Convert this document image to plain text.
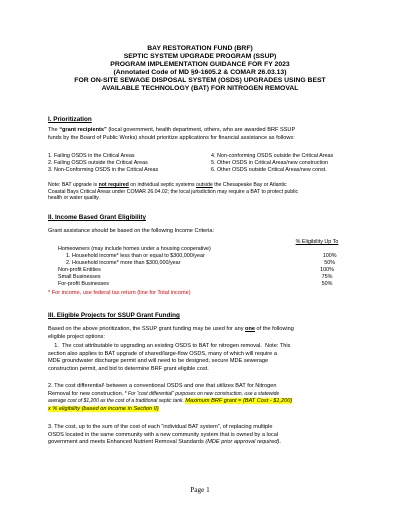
BAY RESTORATION FUND (BRF)
SEPTIC SYSTEM UPGRADE PROGRAM (SSUP)
PROGRAM IMPLEMENTATION GUIDANCE FOR FY 2023
(Annotated Code of MD §9-1605.2 & COMAR 26.03.13)
FOR ON-SITE SEWAGE DISPOSAL SYSTEM (OSDS) UPGRADES USING BEST
AVAILABLE TECHNOLOGY (BAT) FOR NITROGEN REMOVAL
I. Prioritization
The “grant recipients” (local government, health department, others, who are awarded BRF SSUP
funds by the Board of Public Works) should prioritize applications for financial assistance as follows:
1. Failing OSDS in the Critical Areas	4. Non-conforming OSDS outside the Critical Areas
2. Failing OSDS outside the Critical Areas	5. Other OSDS in Critical Areas/new construction
3. Non-Conforming OSDS in the Critical Areas	6. Other OSDS outside Critical Areas/new const.
Note: BAT upgrade is not required on individual septic systems outside the Chesapeake Bay or Atlantic
Coastal Bays Critical Areas under COMAR 26.04.02; the local jurisdiction may require a BAT to protect public
health or water quality.
II. Income Based Grant Eligibility
Grant assistance should be based on the following Income Criteria:
% Eligibility Up To
Homeowners (may include homes under a housing cooperative)
1. Household income* less than or equal to $300,000/year	100%
2. Household income* more than $300,000/year	50%
Non-profit Entities	100%
Small Businesses	75%
For-profit Businesses	50%
* For income, use federal tax return (line for Total income)
III. Eligible Projects for SSUP Grant Funding
Based on the above prioritization, the SSUP grant funding may be used for any one of the following
eligible project options:
1.  The cost attributable to upgrading an existing OSDS to BAT for nitrogen removal.  Note: This
section also applies to BAT upgrade of shared/large-flow OSDS, many of which will require a
MDE groundwater discharge permit and will need to be designed, secure MDE sewerage
construction permit, and bid to determine BRF grant eligible cost.
2. The cost differential¹ between a conventional OSDS and one that utilizes BAT for Nitrogen
Removal for new construction. * For “cost differential” purposes on new construction, use a statewide
average cost of $1,200 as the cost of a traditional septic tank. Maximum BRF grant = (BAT Cost - $1,200)
x % eligibility (based on income in Section II)
3. The cost, up to the sum of the cost of each “individual BAT system”, of replacing multiple
OSDS located in the same community with a new community system that is owned by a local
government and meets Enhanced Nutrient Removal Standards (MDE prior approval required).
Page 1
